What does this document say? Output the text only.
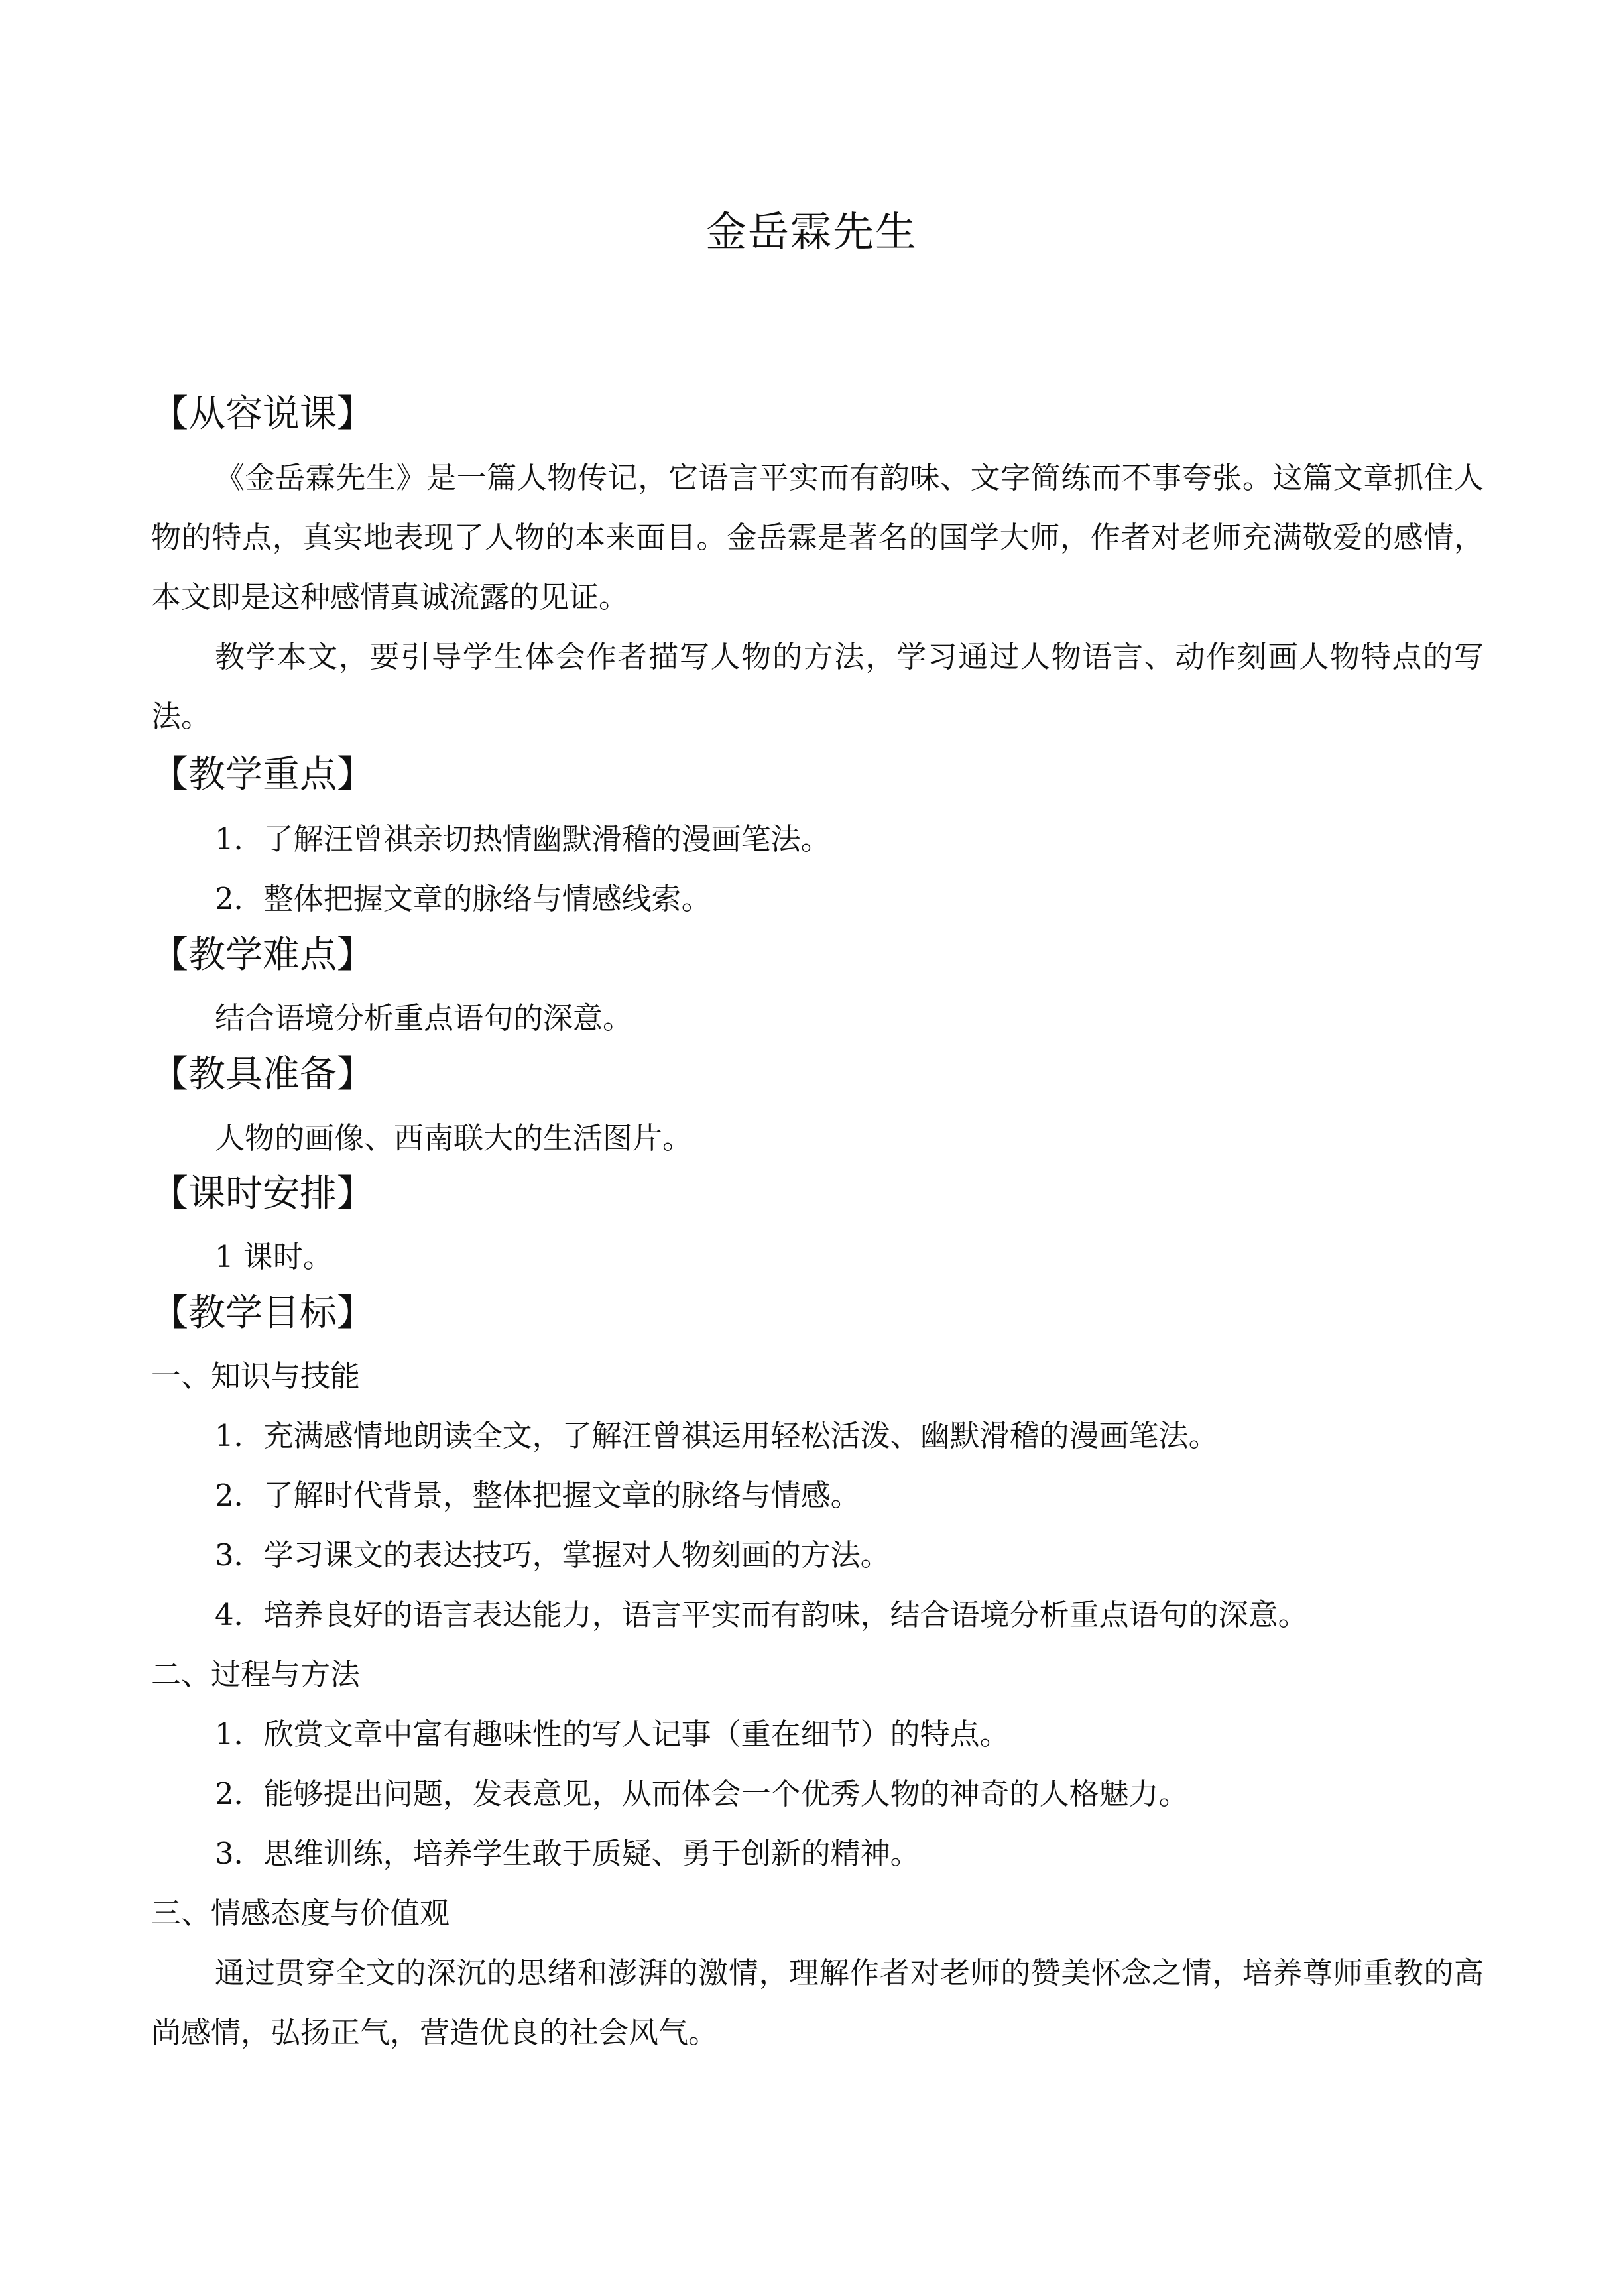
金岳霖先生
【从容说课】
《金岳霖先生》是一篇人物传记，它语言平实而有韵味、文字简练而不事夸张。这篇文章抓住人物的特点，真实地表现了人物的本来面目。金岳霖是著名的国学大师，作者对老师充满敬爱的感情，本文即是这种感情真诚流露的见证。
教学本文，要引导学生体会作者描写人物的方法，学习通过人物语言、动作刻画人物特点的写法。
【教学重点】
1．了解汪曾祺亲切热情幽默滑稽的漫画笔法。
2．整体把握文章的脉络与情感线索。
【教学难点】
结合语境分析重点语句的深意。
【教具准备】
人物的画像、西南联大的生活图片。
【课时安排】
1 课时。
【教学目标】
一、知识与技能
1．充满感情地朗读全文，了解汪曾祺运用轻松活泼、幽默滑稽的漫画笔法。
2．了解时代背景，整体把握文章的脉络与情感。
3．学习课文的表达技巧，掌握对人物刻画的方法。
4．培养良好的语言表达能力，语言平实而有韵味，结合语境分析重点语句的深意。
二、过程与方法
1．欣赏文章中富有趣味性的写人记事（重在细节）的特点。
2．能够提出问题，发表意见，从而体会一个优秀人物的神奇的人格魅力。
3．思维训练，培养学生敢于质疑、勇于创新的精神。
三、情感态度与价值观
通过贯穿全文的深沉的思绪和澎湃的激情，理解作者对老师的赞美怀念之情，培养尊师重教的高尚感情，弘扬正气，营造优良的社会风气。
